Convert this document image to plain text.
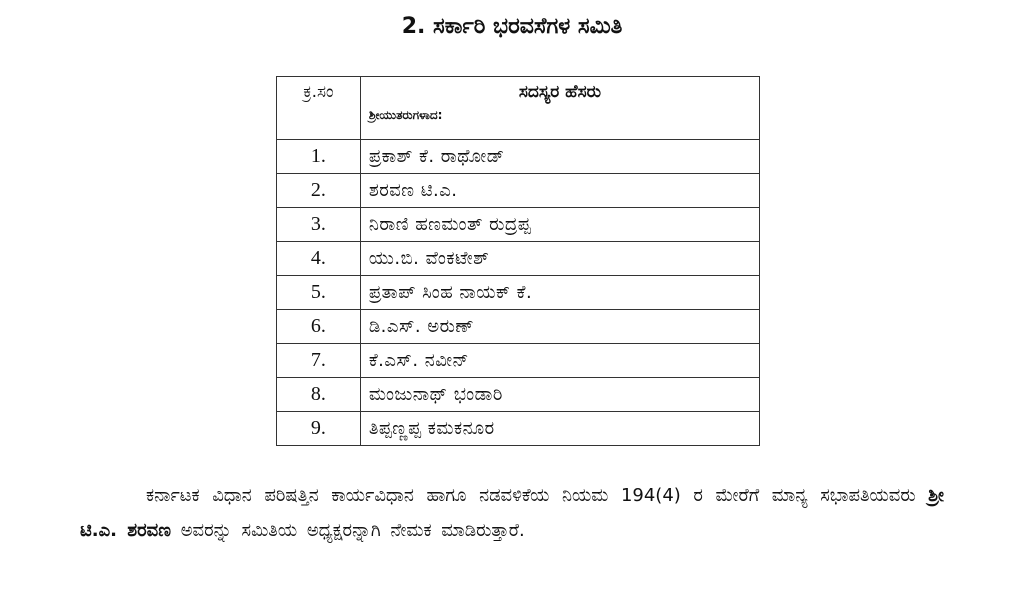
2. ಸರ್ಕಾರಿ ಭರವಸೆಗಳ ಸಮಿತಿ
ಕ್ರ.ಸಂ	ಸದಸ್ಯರ ಹೆಸರು
ಶ್ರೀಯುತರುಗಳಾದ:

1.	ಪ್ರಕಾಶ್ ಕೆ. ರಾಥೋಡ್
2.	ಶರವಣ ಟಿ.ಎ.
3.	ನಿರಾಣಿ ಹಣಮಂತ್ ರುದ್ರಪ್ಪ
4.	ಯು.ಬಿ. ವೆಂಕಟೇಶ್
5.	ಪ್ರತಾಪ್ ಸಿಂಹ ನಾಯಕ್ ಕೆ.
6.	ಡಿ.ಎಸ್. ಅರುಣ್
7.	ಕೆ.ಎಸ್. ನವೀನ್
8.	ಮಂಜುನಾಥ್ ಭಂಡಾರಿ
9.	ತಿಪ್ಪಣ್ಣಪ್ಪ ಕಮಕನೂರ

ಕರ್ನಾಟಕ ವಿಧಾನ ಪರಿಷತ್ತಿನ ಕಾರ್ಯವಿಧಾನ ಹಾಗೂ ನಡವಳಿಕೆಯ ನಿಯಮ 194(4) ರ ಮೇರೆಗೆ ಮಾನ್ಯ ಸಭಾಪತಿಯವರು ಶ್ರೀ ಟಿ.ಎ. ಶರವಣ ಅವರನ್ನು ಸಮಿತಿಯ ಅಧ್ಯಕ್ಷರನ್ನಾಗಿ ನೇಮಕ ಮಾಡಿರುತ್ತಾರೆ.
